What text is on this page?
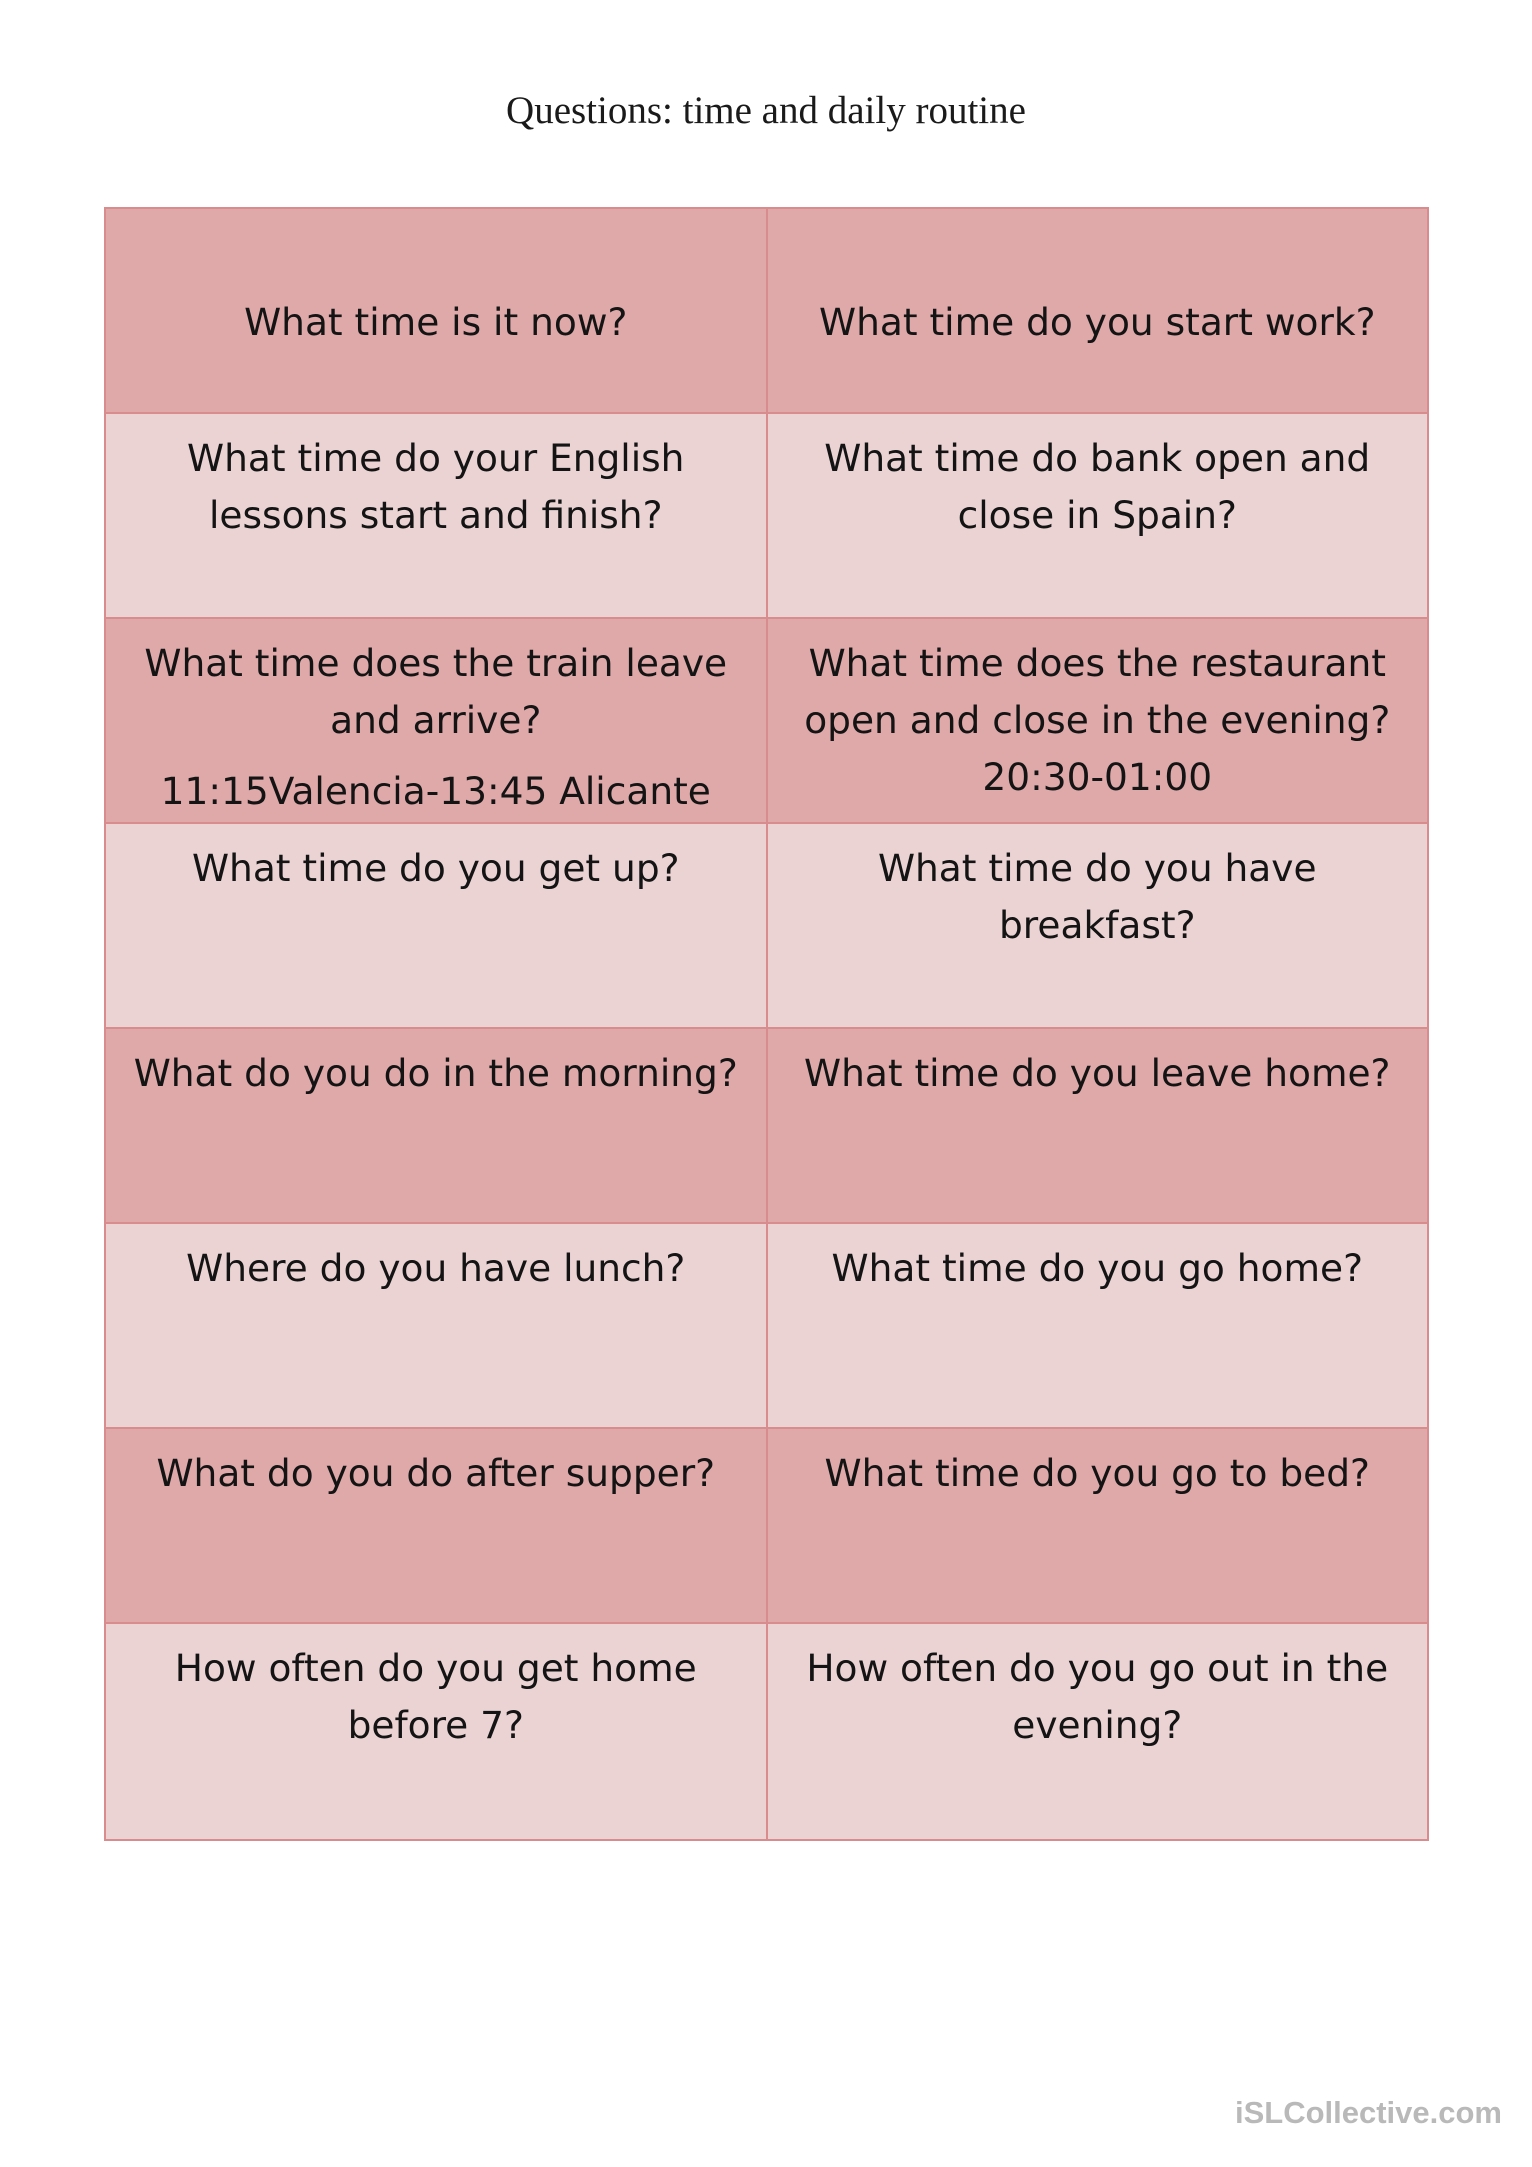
Questions: time and daily routine
What time is it now?	What time do you start work?

What time do your English
lessons start and finish?	What time do bank open and
close in Spain?

What time does the train leave
and arrive?
11:15Valencia-13:45 Alicante	What time does the restaurant
open and close in the evening?
20:30-01:00

What time do you get up?	What time do you have
breakfast?

What do you do in the morning?	What time do you leave home?

Where do you have lunch?	What time do you go home?

What do you do after supper?	What time do you go to bed?

How often do you get home
before 7?	How often do you go out in the
evening?
iSLCollective.com
